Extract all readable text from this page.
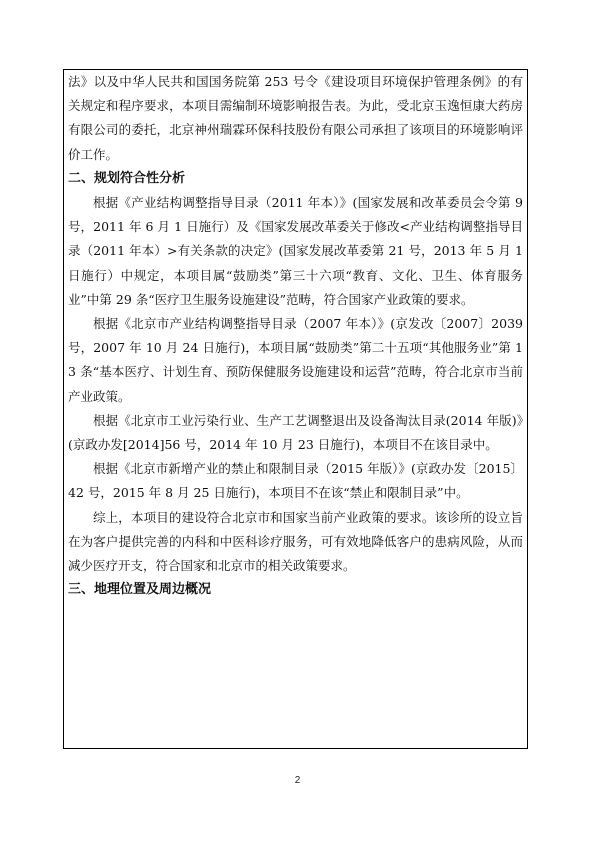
法》以及中华人民共和国国务院第 253 号令《建设项目环境保护管理条例》的有关规定和程序要求，本项目需编制环境影响报告表。为此，受北京玉逸恒康大药房有限公司的委托，北京神州瑞霖环保科技股份有限公司承担了该项目的环境影响评价工作。

二、规划符合性分析

根据《产业结构调整指导目录（2011 年本）》(国家发展和改革委员会令第 9 号，2011 年 6 月 1 日施行）及《国家发展改革委关于修改<产业结构调整指导目录（2011 年本）>有关条款的决定》(国家发展改革委第 21 号，2013 年 5 月 1 日施行）中规定，本项目属“鼓励类”第三十六项“教育、文化、卫生、体育服务业”中第 29 条“医疗卫生服务设施建设”范畴，符合国家产业政策的要求。

根据《北京市产业结构调整指导目录（2007 年本）》(京发改〔2007〕2039 号，2007 年 10 月 24 日施行)，本项目属“鼓励类”第二十五项“其他服务业”第 13 条“基本医疗、计划生育、预防保健服务设施建设和运营”范畴，符合北京市当前产业政策。

根据《北京市工业污染行业、生产工艺调整退出及设备淘汰目录(2014 年版)》(京政办发[2014]56 号，2014 年 10 月 23 日施行)，本项目不在该目录中。

根据《北京市新增产业的禁止和限制目录（2015 年版）》(京政办发〔2015〕42 号，2015 年 8 月 25 日施行)，本项目不在该“禁止和限制目录”中。

综上，本项目的建设符合北京市和国家当前产业政策的要求。该诊所的设立旨在为客户提供完善的内科和中医科诊疗服务，可有效地降低客户的患病风险，从而减少医疗开支，符合国家和北京市的相关政策要求。

三、地理位置及周边概况
2
